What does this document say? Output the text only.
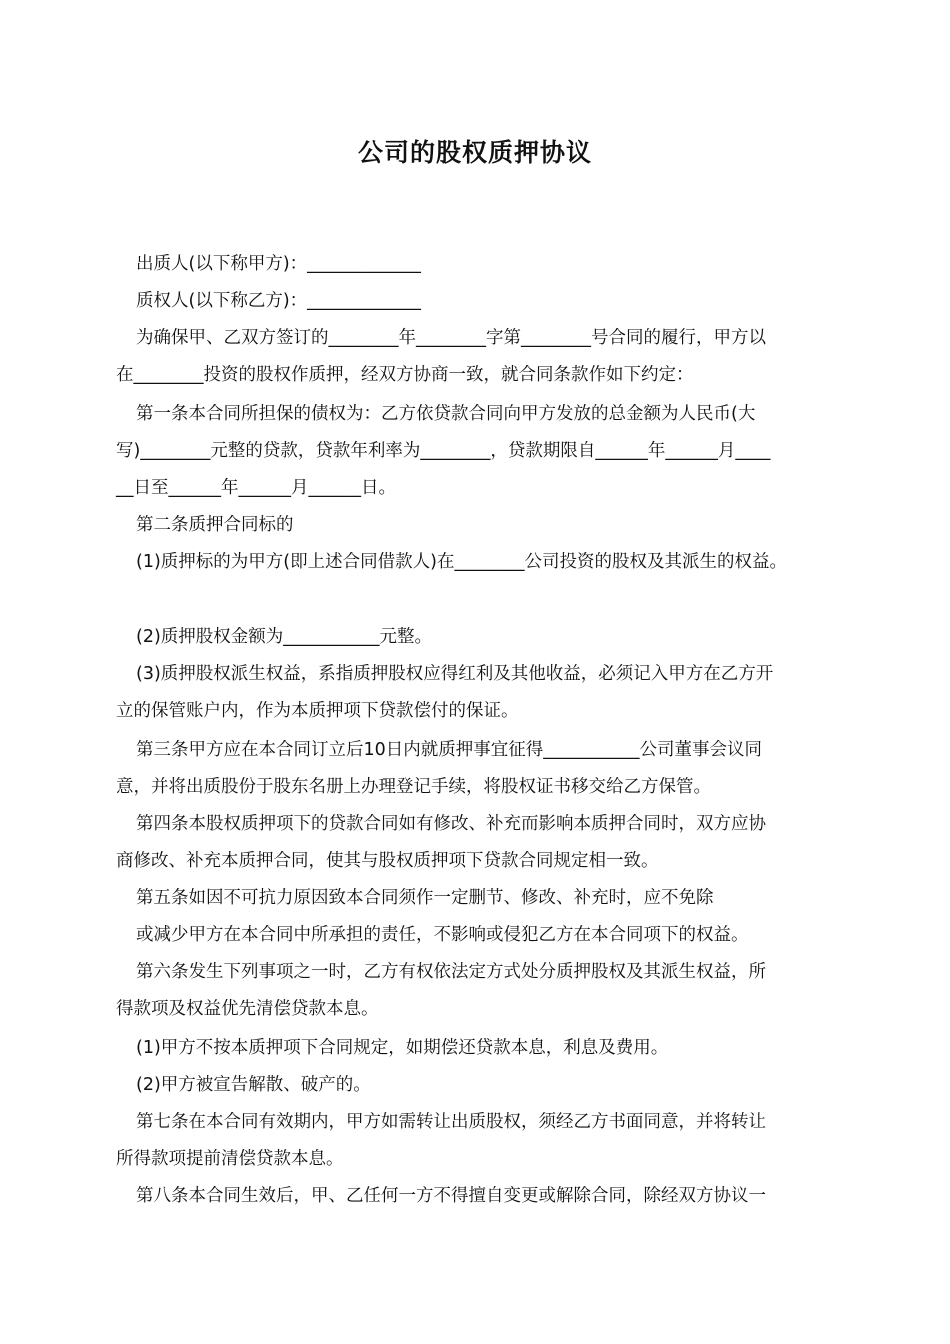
公司的股权质押协议
出质人(以下称甲方)：_____________
质权人(以下称乙方)：_____________
为确保甲、乙双方签订的________年________字第________号合同的履行，甲方以
在________投资的股权作质押，经双方协商一致，就合同条款作如下约定：
第一条本合同所担保的债权为：乙方依贷款合同向甲方发放的总金额为人民币(大
写)________元整的贷款，贷款年利率为________，贷款期限自______年______月____
__日至______年______月______日。
第二条质押合同标的
(1)质押标的为甲方(即上述合同借款人)在________公司投资的股权及其派生的权益。
(2)质押股权金额为___________元整。
(3)质押股权派生权益，系指质押股权应得红利及其他收益，必须记入甲方在乙方开
立的保管账户内，作为本质押项下贷款偿付的保证。
第三条甲方应在本合同订立后10日内就质押事宜征得___________公司董事会议同
意，并将出质股份于股东名册上办理登记手续，将股权证书移交给乙方保管。
第四条本股权质押项下的贷款合同如有修改、补充而影响本质押合同时，双方应协
商修改、补充本质押合同，使其与股权质押项下贷款合同规定相一致。
第五条如因不可抗力原因致本合同须作一定删节、修改、补充时，应不免除
或减少甲方在本合同中所承担的责任，不影响或侵犯乙方在本合同项下的权益。
第六条发生下列事项之一时，乙方有权依法定方式处分质押股权及其派生权益，所
得款项及权益优先清偿贷款本息。
(1)甲方不按本质押项下合同规定，如期偿还贷款本息，利息及费用。
(2)甲方被宣告解散、破产的。
第七条在本合同有效期内，甲方如需转让出质股权，须经乙方书面同意，并将转让
所得款项提前清偿贷款本息。
第八条本合同生效后，甲、乙任何一方不得擅自变更或解除合同，除经双方协议一
